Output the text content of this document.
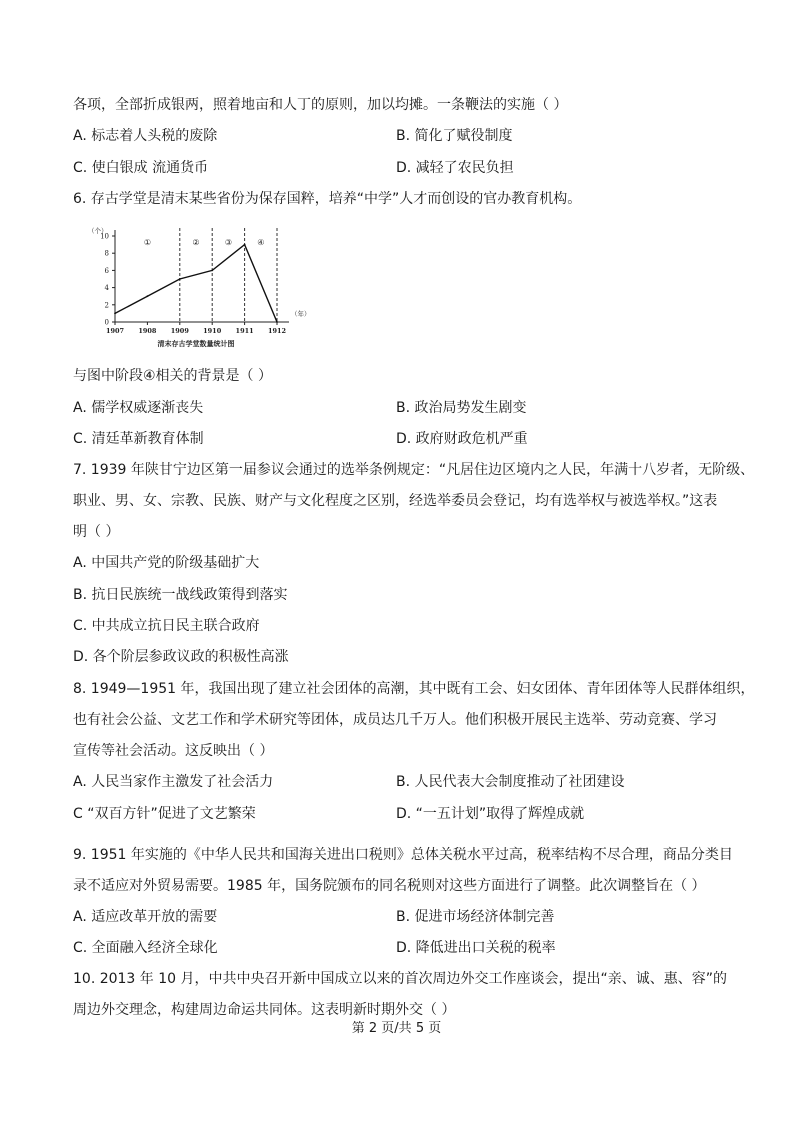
各项，全部折成银两，照着地亩和人丁的原则，加以均摊。一条鞭法的实施（ ）
A. 标志着人头税的废除	B. 简化了赋役制度
C. 使白银成 流通货币	D. 减轻了农民负担
6. 存古学堂是清末某些省份为保存国粹，培养“中学”人才而创设的官办教育机构。
0
2
4
6
8
10
（个）
1907 1908 1909 1910 1911 1912
（年）
①	②	③	④
清末存古学堂数量统计图
与图中阶段④相关的背景是（ ）
A. 儒学权威逐渐丧失	B. 政治局势发生剧变
C. 清廷革新教育体制	D. 政府财政危机严重
7. 1939 年陕甘宁边区第一届参议会通过的选举条例规定：“凡居住边区境内之人民，年满十八岁者，无阶级、
职业、男、女、宗教、民族、财产与文化程度之区别，经选举委员会登记，均有选举权与被选举权。”这表
明（ ）
A. 中国共产党的阶级基础扩大
B. 抗日民族统一战线政策得到落实
C. 中共成立抗日民主联合政府
D. 各个阶层参政议政的积极性高涨
8. 1949—1951 年，我国出现了建立社会团体的高潮，其中既有工会、妇女团体、青年团体等人民群体组织，
也有社会公益、文艺工作和学术研究等团体，成员达几千万人。他们积极开展民主选举、劳动竞赛、学习
宣传等社会活动。这反映出（ ）
A. 人民当家作主激发了社会活力	B. 人民代表大会制度推动了社团建设
C “双百方针”促进了文艺繁荣	D. “一五计划”取得了辉煌成就
9. 1951 年实施的《中华人民共和国海关进出口税则》总体关税水平过高，税率结构不尽合理，商品分类目
录不适应对外贸易需要。1985 年，国务院颁布的同名税则对这些方面进行了调整。此次调整旨在（ ）
A. 适应改革开放的需要	B. 促进市场经济体制完善
C. 全面融入经济全球化	D. 降低进出口关税的税率
10. 2013 年 10 月，中共中央召开新中国成立以来的首次周边外交工作座谈会，提出“亲、诚、惠、容”的
周边外交理念，构建周边命运共同体。这表明新时期外交（ ）
第 2 页/共 5 页
